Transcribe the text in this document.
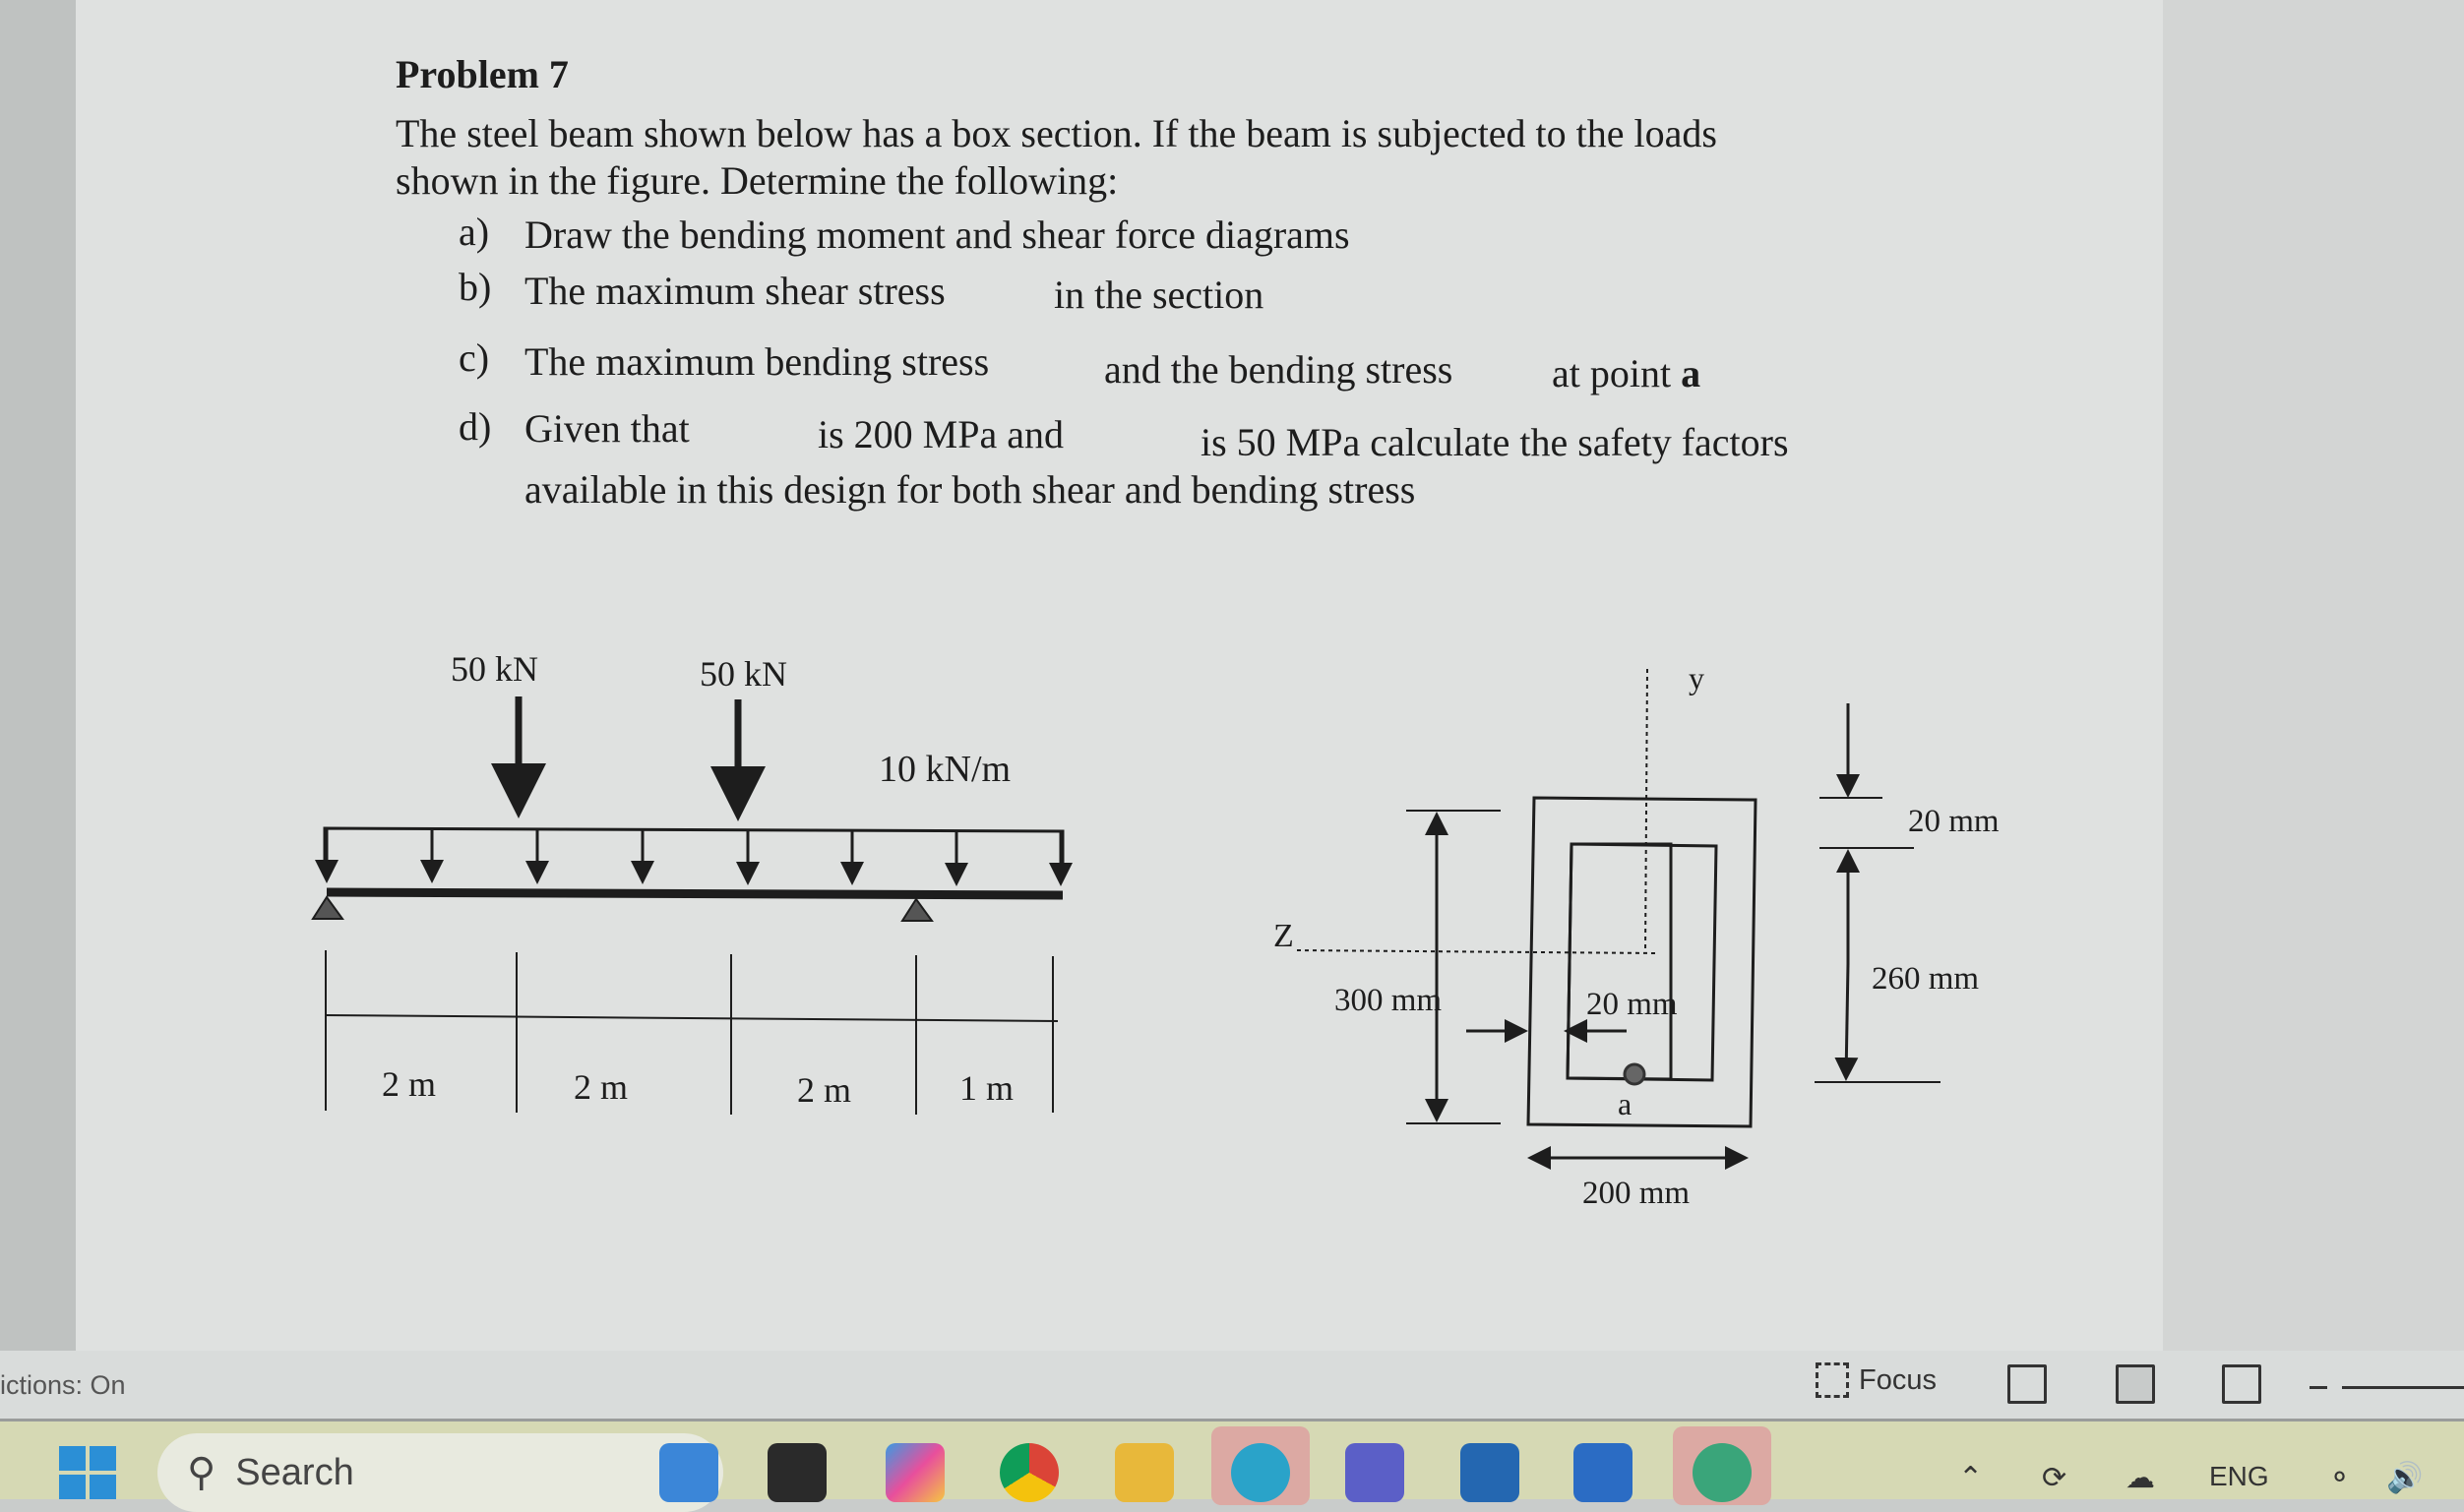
Problem 7
The steel beam shown below has a box section. If the beam is subjected to the loads
shown in the figure. Determine the following:
a) Draw the bending moment and shear force diagrams
b) The maximum shear stress	in the section
c) The maximum bending stress	and the bending stress	at point a
d) Given that	is 200 MPa and	is 50 MPa calculate the safety factors
available in this design for both shear and bending stress
50 kN	50 kN
10 kN/m
2 m	2 m	2 m	1 m
y
Z
300 mm	20 mm
a
200 mm
20 mm
260 mm
ictions: On	Focus
⚲ Search	⌃ ⟳ ☁ ENG ⚬ 🔊
